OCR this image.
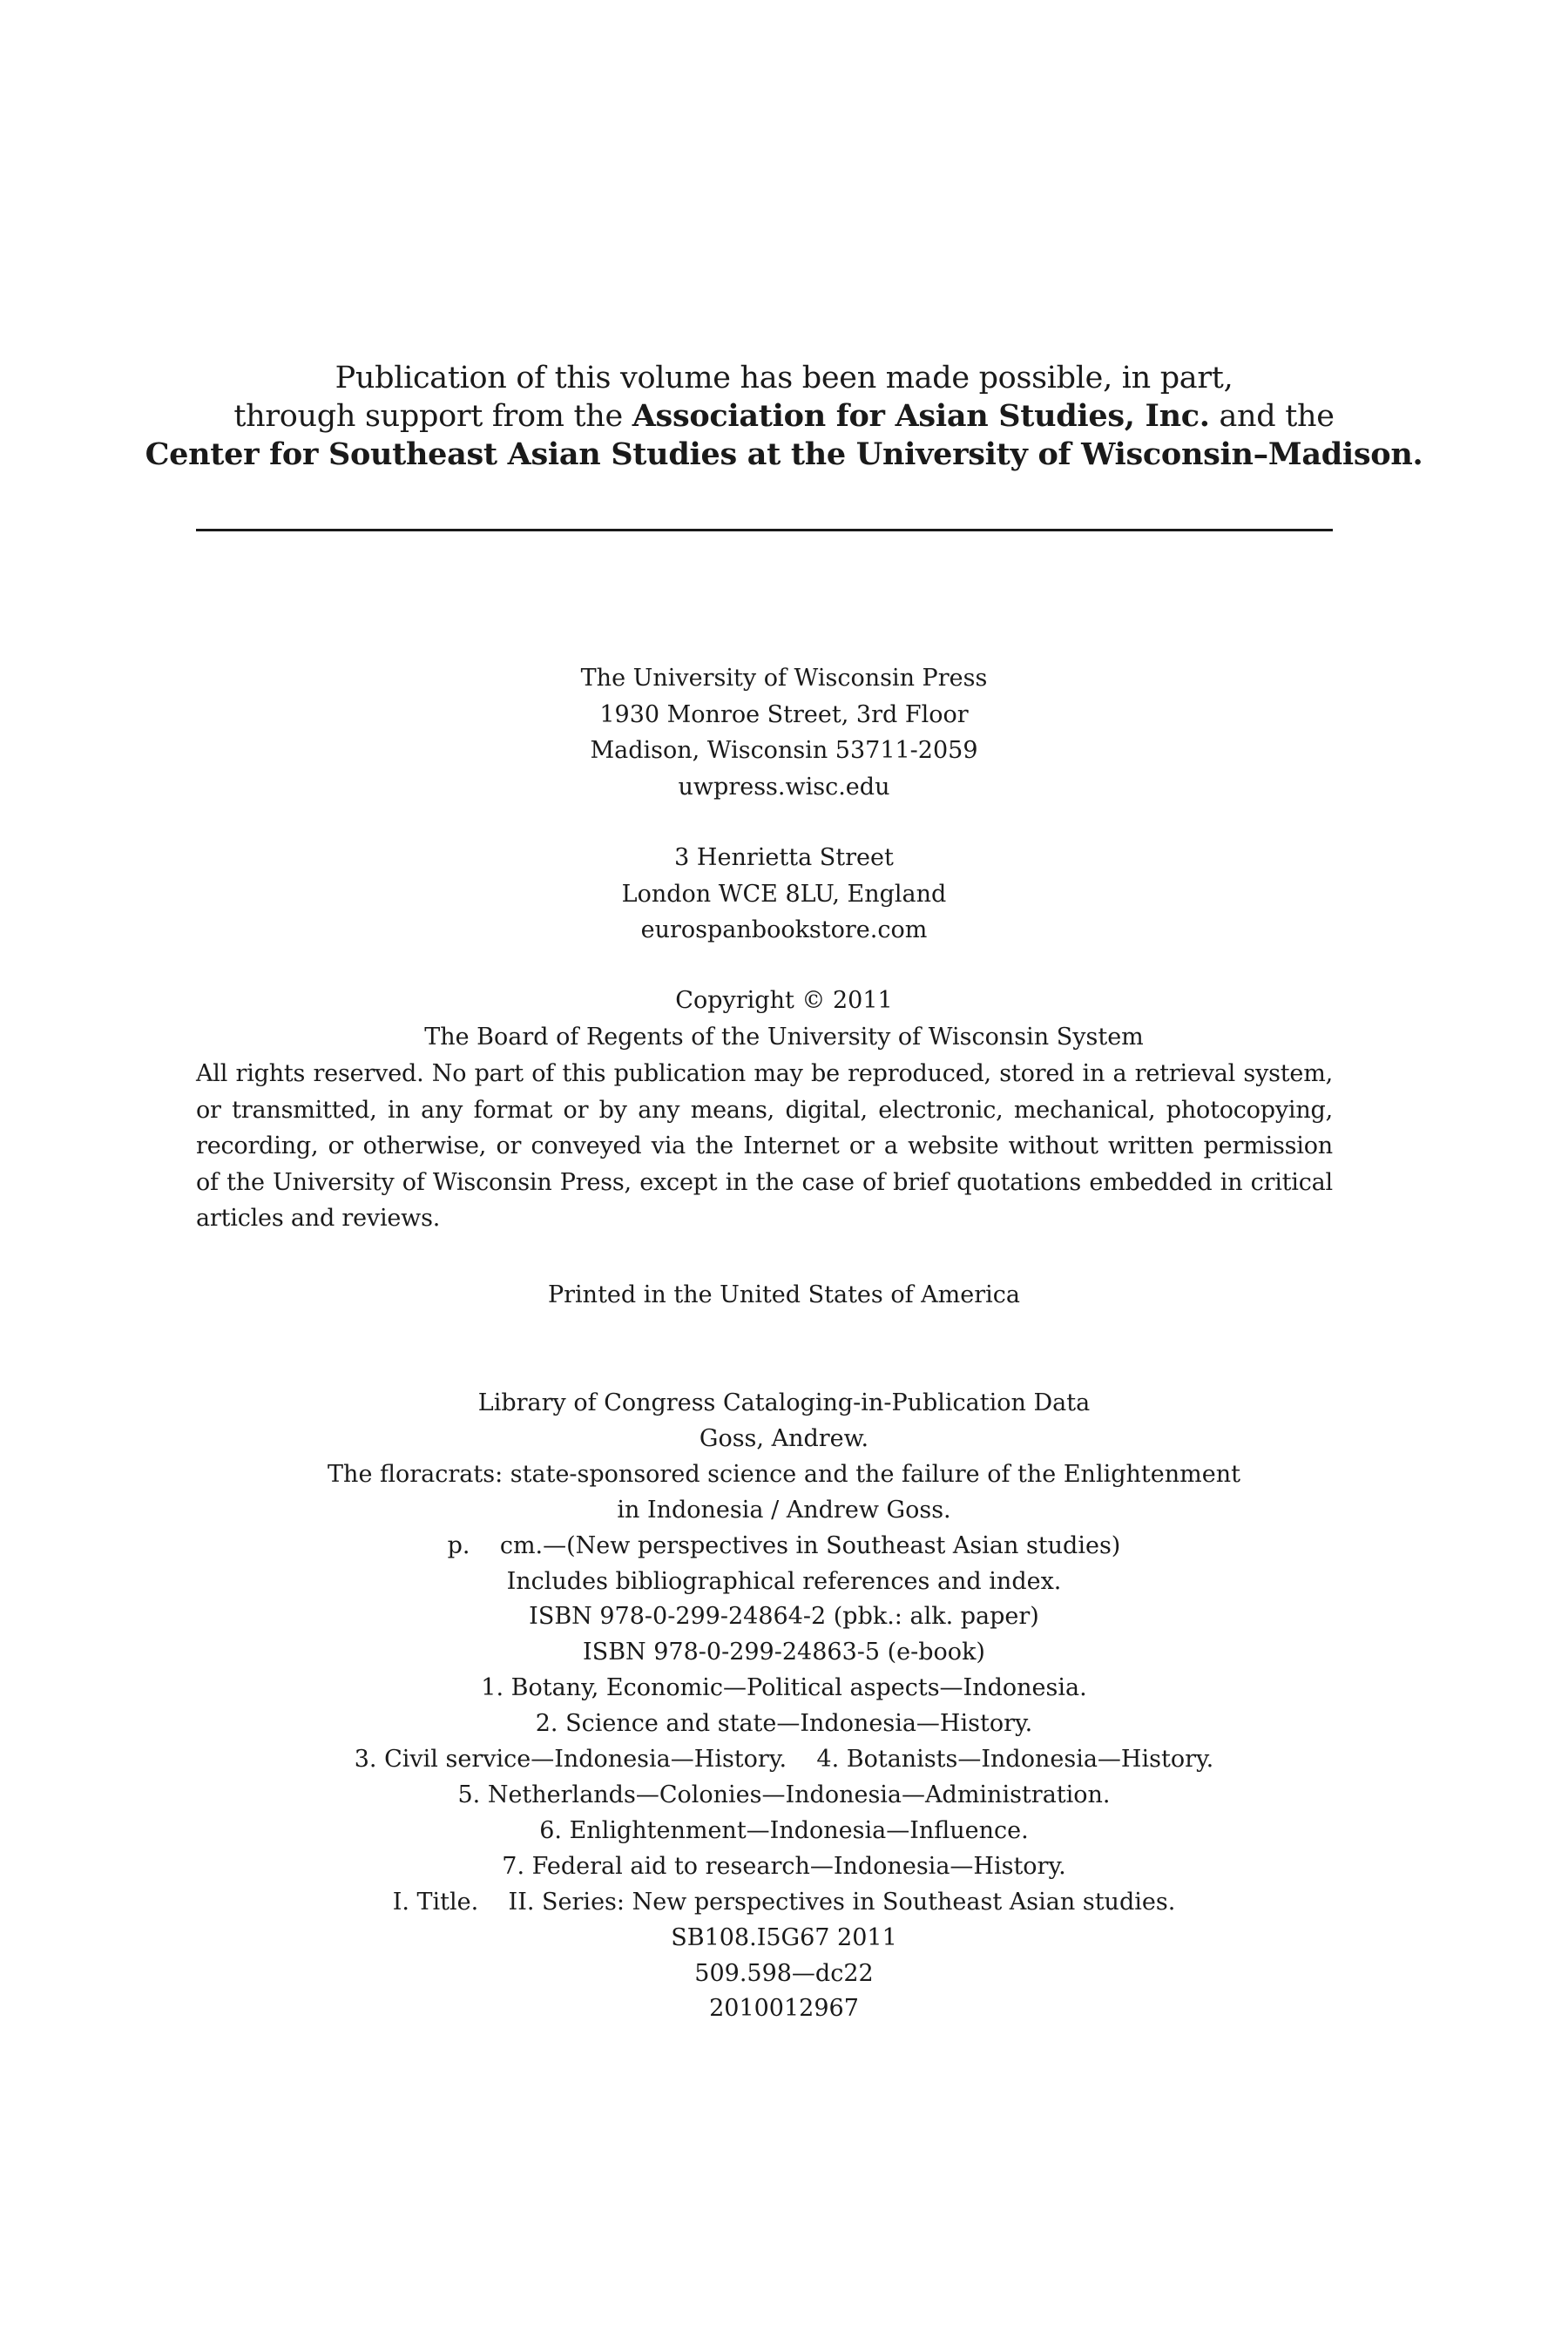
Publication of this volume has been made possible, in part,
through support from the Association for Asian Studies, Inc. and the
Center for Southeast Asian Studies at the University of Wisconsin–Madison.
The University of Wisconsin Press
1930 Monroe Street, 3rd Floor
Madison, Wisconsin 53711-2059
uwpress.wisc.edu
3 Henrietta Street
London WCE 8LU, England
eurospanbookstore.com
Copyright © 2011
The Board of Regents of the University of Wisconsin System
All rights reserved. No part of this publication may be reproduced, stored in a retrieval system,
or transmitted, in any format or by any means, digital, electronic, mechanical, photocopying,
recording, or otherwise, or conveyed via the Internet or a website without written permission
of the University of Wisconsin Press, except in the case of brief quotations embedded in critical
articles and reviews.
Printed in the United States of America
Library of Congress Cataloging-in-Publication Data
Goss, Andrew.
The floracrats: state-sponsored science and the failure of the Enlightenment
in Indonesia / Andrew Goss.
p.    cm.—(New perspectives in Southeast Asian studies)
Includes bibliographical references and index.
ISBN 978-0-299-24864-2 (pbk.: alk. paper)
ISBN 978-0-299-24863-5 (e-book)
1. Botany, Economic—Political aspects—Indonesia.
2. Science and state—Indonesia—History.
3. Civil service—Indonesia—History.    4. Botanists—Indonesia—History.
5. Netherlands—Colonies—Indonesia—Administration.
6. Enlightenment—Indonesia—Influence.
7. Federal aid to research—Indonesia—History.
I. Title.    II. Series: New perspectives in Southeast Asian studies.
SB108.I5G67 2011
509.598—dc22
2010012967
